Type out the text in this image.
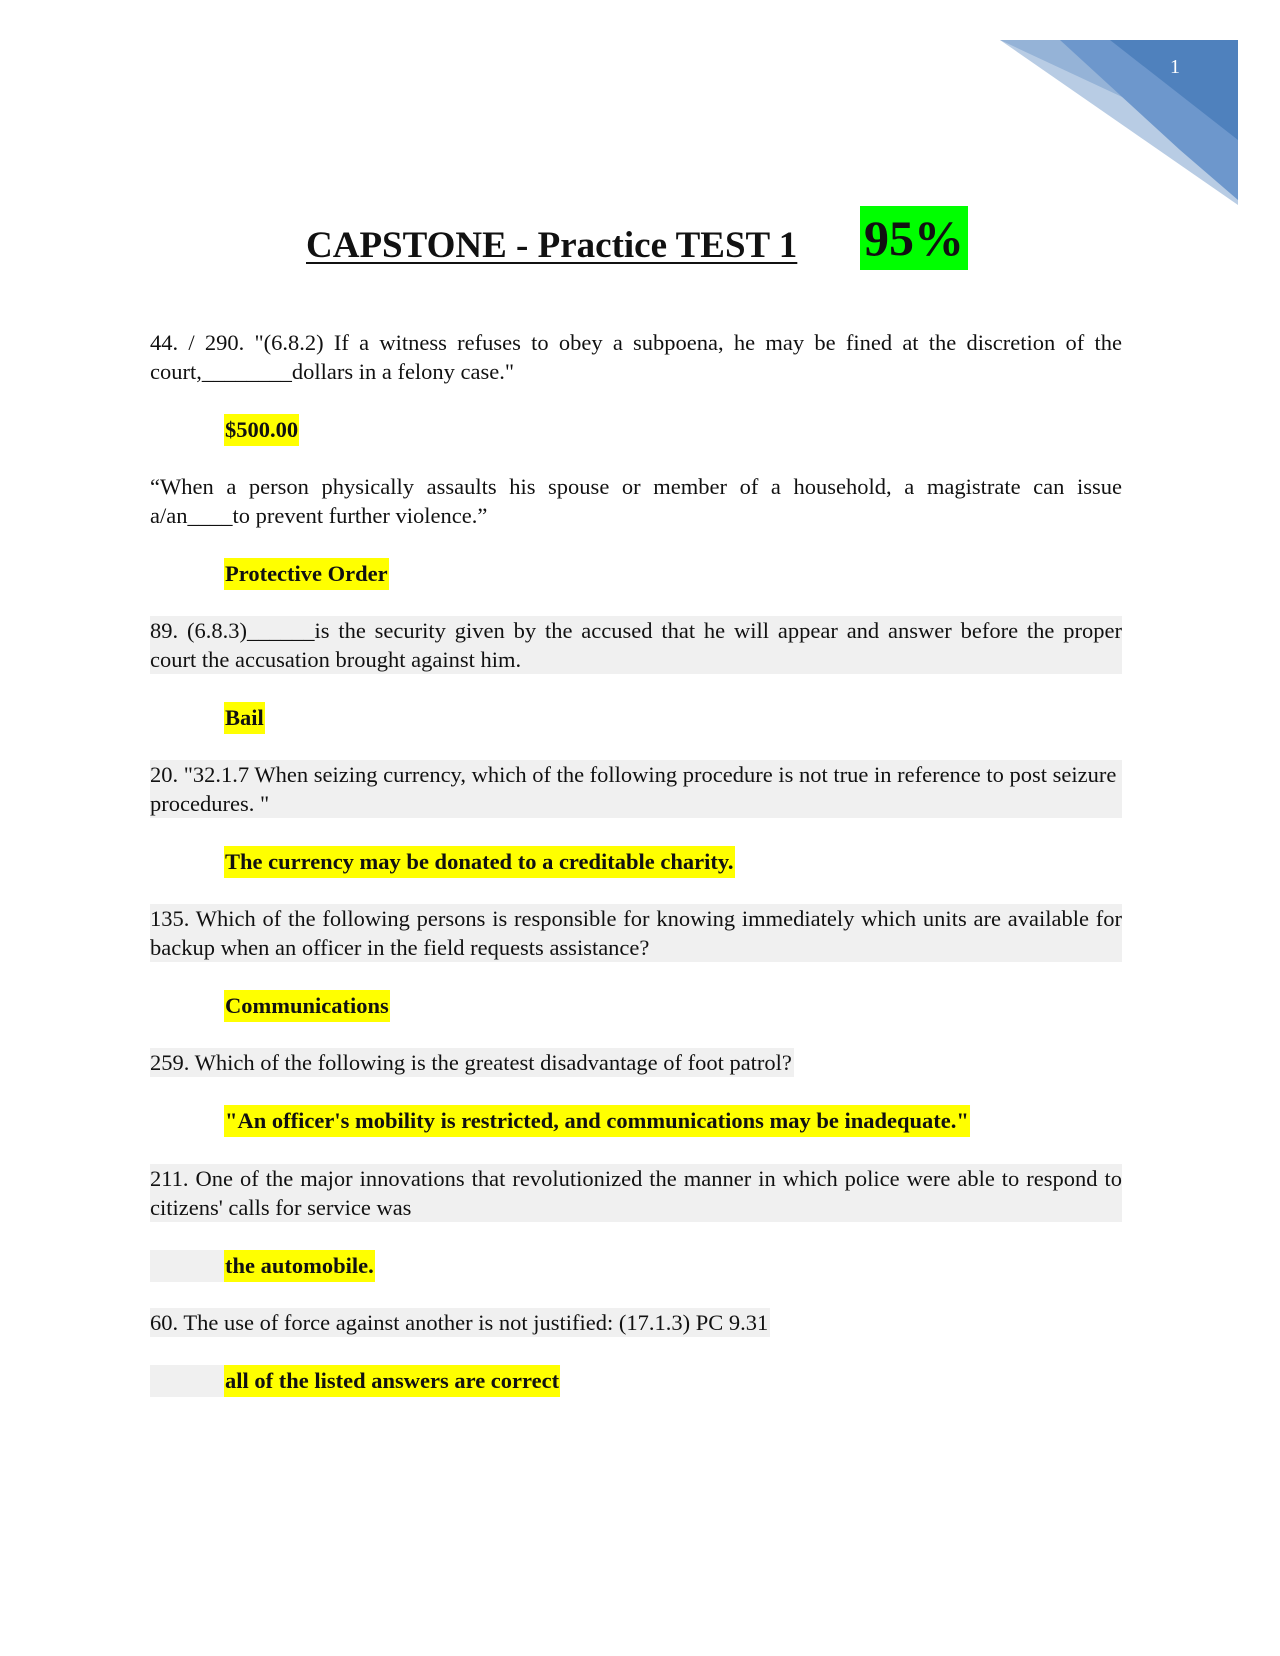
1
CAPSTONE - Practice TEST 1 95%
44. / 290. "(6.8.2) If a witness refuses to obey a subpoena, he may be fined at the discretion of the court,________dollars in a felony case."
$500.00
“When a person physically assaults his spouse or member of a household, a magistrate can issue a/an____to prevent further violence.”
Protective Order
89. (6.8.3)______is the security given by the accused that he will appear and answer before the proper court the accusation brought against him.
Bail
20. "32.1.7 When seizing currency, which of the following procedure is not true in reference to post seizure procedures. "
The currency may be donated to a creditable charity.
135. Which of the following persons is responsible for knowing immediately which units are available for backup when an officer in the field requests assistance?
Communications
259. Which of the following is the greatest disadvantage of foot patrol?
"An officer's mobility is restricted, and communications may be inadequate."
211. One of the major innovations that revolutionized the manner in which police were able to respond to citizens' calls for service was
the automobile.
60. The use of force against another is not justified: (17.1.3) PC 9.31
all of the listed answers are correct
